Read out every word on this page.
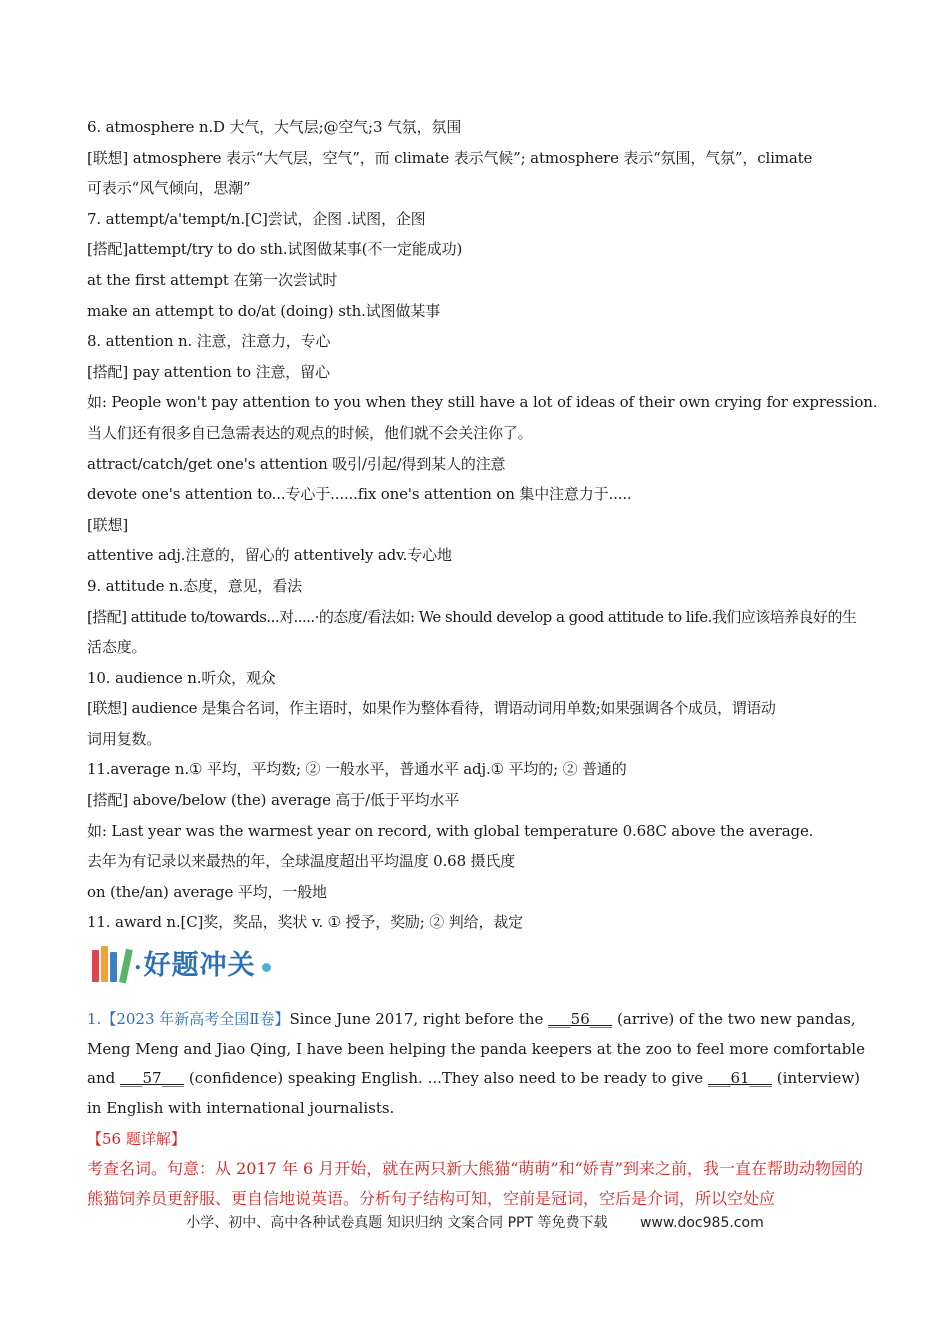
6. atmosphere n.D 大气，大气层;@空气;3 气氛，氛围
[联想] atmosphere 表示“大气层，空气”，而 climate 表示气候”; atmosphere 表示“氛围，气氛”，climate
可表示“风气倾向，思潮”
7. attempt/a'tempt/n.[C]尝试，企图 .试图，企图
[搭配]attempt/try to do sth.试图做某事(不一定能成功)
at the first attempt 在第一次尝试时
make an attempt to do/at (doing) sth.试图做某事
8. attention n. 注意，注意力，专心
[搭配] pay attention to 注意，留心
如: People won't pay attention to you when they still have a lot of ideas of their own crying for expression.
当人们还有很多自已急需表达的观点的时候，他们就不会关注你了。
attract/catch/get one's attention 吸引/引起/得到某人的注意
devote one's attention to...专心于......fix one's attention on 集中注意力于.....
[联想]
attentive adj.注意的，留心的 attentively adv.专心地
9. attitude n.态度，意见，看法
[搭配] attitude to/towards...对.....·的态度/看法如: We should develop a good attitude to life.我们应该培养良好的生
活态度。
10. audience n.听众，观众
[联想] audience 是集合名词，作主语时，如果作为整体看待，谓语动词用单数;如果强调各个成员，谓语动
词用复数。
11.average n.① 平均，平均数; ② 一般水平，普通水平 adj.① 平均的; ② 普通的
[搭配] above/below (the) average 高于/低于平均水平
如: Last year was the warmest year on record, with global temperature 0.68C above the average.
去年为有记录以来最热的年，全球温度超出平均温度 0.68 摄氏度
on (the/an) average 平均，一般地
11. award n.[C]奖，奖品，奖状 v. ① 授予，奖励; ② 判给，裁定
. 好题冲关
1.【2023 年新高考全国Ⅱ卷】Since June 2017, right before the ___56___ (arrive) of the two new pandas, Meng Meng and Jiao Qing, I have been helping the panda keepers at the zoo to feel more comfortable and ___57___ (confidence) speaking English. ...They also need to be ready to give ___61___ (interview) in English with international journalists.
【56 题详解】
考查名词。句意：从 2017 年 6 月开始，就在两只新大熊猫“萌萌”和“娇青”到来之前，我一直在帮助动物园的熊猫饲养员更舒服、更自信地说英语。分析句子结构可知，空前是冠词，空后是介词，所以空处应
小学、初中、高中各种试卷真题 知识归纳 文案合同 PPT 等免费下载 www.doc985.com
